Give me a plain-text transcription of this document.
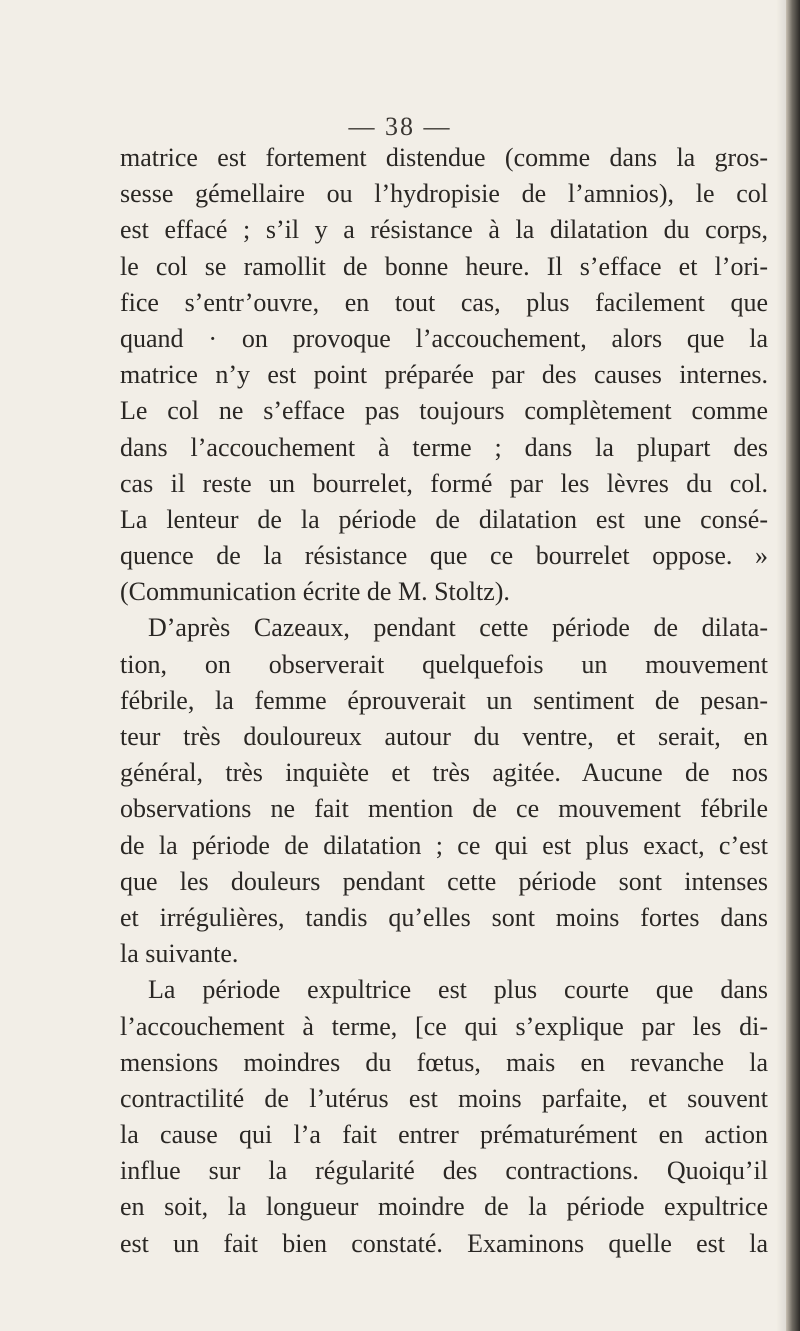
— 38 —
matrice est fortement distendue (comme dans la gros-
sesse gémellaire ou l’hydropisie de l’amnios), le col
est effacé ; s’il y a résistance à la dilatation du corps,
le col se ramollit de bonne heure. Il s’efface et l’ori-
fice s’entr’ouvre, en tout cas, plus facilement que
quand · on provoque l’accouchement, alors que la
matrice n’y est point préparée par des causes internes.
Le col ne s’efface pas toujours complètement comme
dans l’accouchement à terme ; dans la plupart des
cas il reste un bourrelet, formé par les lèvres du col.
La lenteur de la période de dilatation est une consé-
quence de la résistance que ce bourrelet oppose. »
(Communication écrite de M. Stoltz).
D’après Cazeaux, pendant cette période de dilata-
tion, on observerait quelquefois un mouvement
fébrile, la femme éprouverait un sentiment de pesan-
teur très douloureux autour du ventre, et serait, en
général, très inquiète et très agitée. Aucune de nos
observations ne fait mention de ce mouvement fébrile
de la période de dilatation ; ce qui est plus exact, c’est
que les douleurs pendant cette période sont intenses
et irrégulières, tandis qu’elles sont moins fortes dans
la suivante.
La période expultrice est plus courte que dans
l’accouchement à terme, [ce qui s’explique par les di-
mensions moindres du fœtus, mais en revanche la
contractilité de l’utérus est moins parfaite, et souvent
la cause qui l’a fait entrer prématurément en action
influe sur la régularité des contractions. Quoiqu’il
en soit, la longueur moindre de la période expultrice
est un fait bien constaté. Examinons quelle est la
